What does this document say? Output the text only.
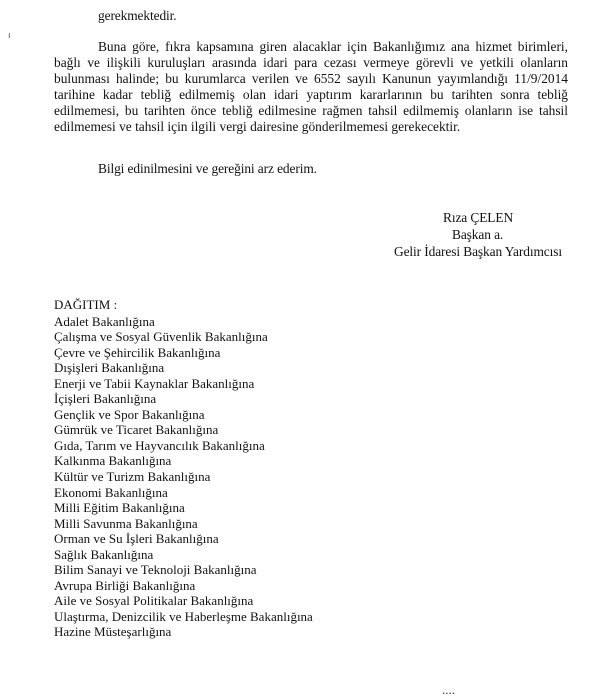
ı
gerekmektedir.

Buna göre, fıkra kapsamına giren alacaklar için Bakanlığımız ana hizmet birimleri, bağlı ve ilişkili kuruluşları arasında idari para cezası vermeye görevli ve yetkili olanların bulunması halinde; bu kurumlarca verilen ve 6552 sayılı Kanunun yayımlandığı 11/9/2014 tarihine kadar tebliğ edilmemiş olan idari yaptırım kararlarının bu tarihten sonra tebliğ edilmemesi, bu tarihten önce tebliğ edilmesine rağmen tahsil edilmemiş olanların ise tahsil edilmemesi ve tahsil için ilgili vergi dairesine gönderilmemesi gerekecektir.

Bilgi edinilmesini ve gereğini arz ederim.
Rıza ÇELEN
Başkan a.
Gelir İdaresi Başkan Yardımcısı
DAĞITIM :
Adalet Bakanlığına
Çalışma ve Sosyal Güvenlik Bakanlığına
Çevre ve Şehircilik Bakanlığına
Dışişleri Bakanlığına
Enerji ve Tabii Kaynaklar Bakanlığına
İçişleri Bakanlığına
Gençlik ve Spor Bakanlığına
Gümrük ve Ticaret Bakanlığına
Gıda, Tarım ve Hayvancılık Bakanlığına
Kalkınma Bakanlığına
Kültür ve Turizm Bakanlığına
Ekonomi Bakanlığına
Milli Eğitim Bakanlığına
Milli Savunma Bakanlığına
Orman ve Su İşleri Bakanlığına
Sağlık Bakanlığına
Bilim Sanayi ve Teknoloji Bakanlığına
Avrupa Birliği Bakanlığına
Aile ve Sosyal Politikalar Bakanlığına
Ulaştırma, Denizcilik ve Haberleşme Bakanlığına
Hazine Müsteşarlığına
....
